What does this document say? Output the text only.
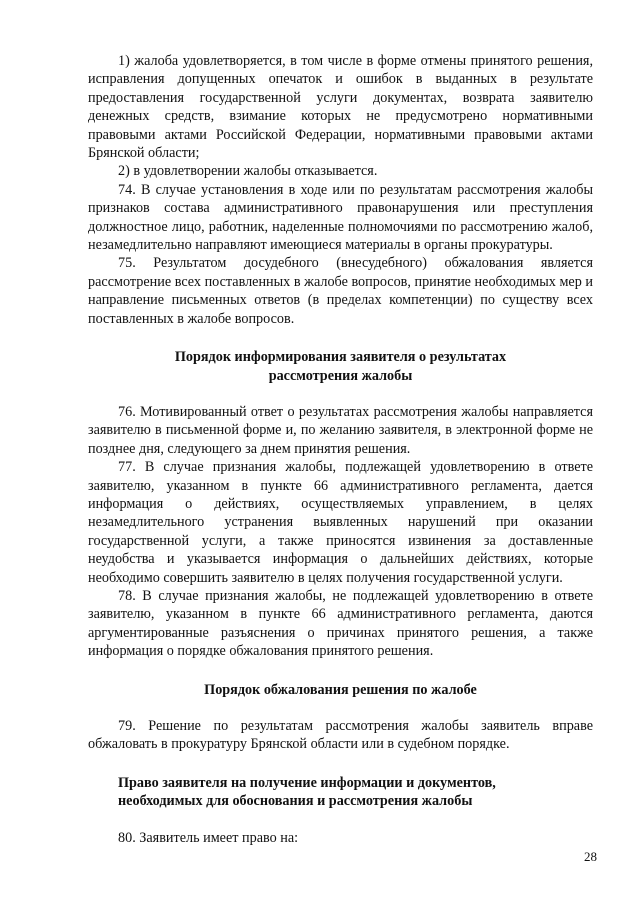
1) жалоба удовлетворяется, в том числе в форме отмены принятого решения, исправления допущенных опечаток и ошибок в выданных в результате предоставления государственной услуги документах, возврата заявителю денежных средств, взимание которых не предусмотрено нормативными правовыми актами Российской Федерации, нормативными правовыми актами Брянской области;

2) в удовлетворении жалобы отказывается.

74. В случае установления в ходе или по результатам рассмотрения жалобы признаков состава административного правонарушения или преступления должностное лицо, работник, наделенные полномочиями по рассмотрению жалоб, незамедлительно направляют имеющиеся материалы в органы прокуратуры.

75. Результатом досудебного (внесудебного) обжалования является рассмотрение всех поставленных в жалобе вопросов, принятие необходимых мер и направление письменных ответов (в пределах компетенции) по существу всех поставленных в жалобе вопросов.

Порядок информирования заявителя о результатах
рассмотрения жалобы

76. Мотивированный ответ о результатах рассмотрения жалобы направляется заявителю в письменной форме и, по желанию заявителя, в электронной форме не позднее дня, следующего за днем принятия решения.

77. В случае признания жалобы, подлежащей удовлетворению в ответе заявителю, указанном в пункте 66 административного регламента, дается информация о действиях, осуществляемых управлением, в целях незамедлительного устранения выявленных нарушений при оказании государственной услуги, а также приносятся извинения за доставленные неудобства и указывается информация о дальнейших действиях, которые необходимо совершить заявителю в целях получения государственной услуги.

78. В случае признания жалобы, не подлежащей удовлетворению в ответе заявителю, указанном в пункте 66 административного регламента, даются аргументированные разъяснения о причинах принятого решения, а также информация о порядке обжалования принятого решения.

Порядок обжалования решения по жалобе

79. Решение по результатам рассмотрения жалобы заявитель вправе обжаловать в прокуратуру Брянской области или в судебном порядке.

Право заявителя на получение информации и документов,
необходимых для обоснования и рассмотрения жалобы

80. Заявитель имеет право на:

28
